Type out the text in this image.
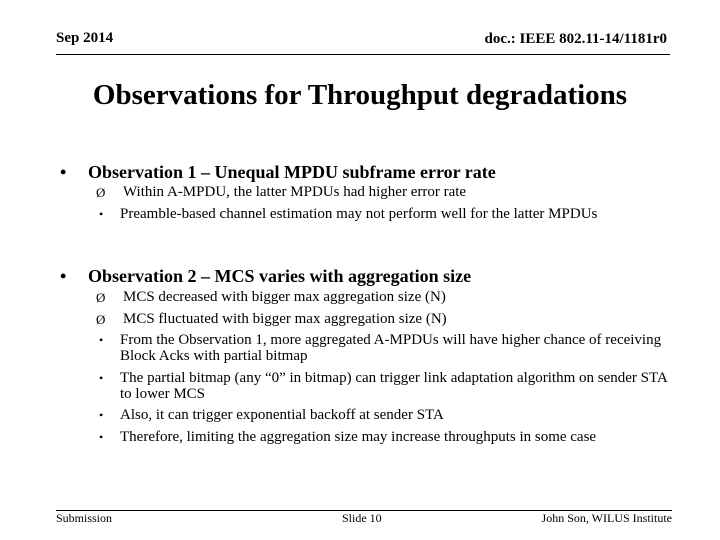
Sep 2014	doc.: IEEE 802.11-14/1181r0
Observations for Throughput degradations
• Observation 1 – Unequal MPDU subframe error rate
Ø Within A-MPDU, the latter MPDUs had higher error rate
• Preamble-based channel estimation may not perform well for the latter MPDUs
• Observation 2 – MCS varies with aggregation size
Ø MCS decreased with bigger max aggregation size (N)
Ø MCS fluctuated with bigger max aggregation size (N)
• From the Observation 1, more aggregated A-MPDUs will have higher chance of receiving Block Acks with partial bitmap
• The partial bitmap (any “0” in bitmap) can trigger link adaptation algorithm on sender STA to lower MCS
• Also, it can trigger exponential backoff at sender STA
• Therefore, limiting the aggregation size may increase throughputs in some case
Submission	Slide 10	John Son, WILUS Institute
